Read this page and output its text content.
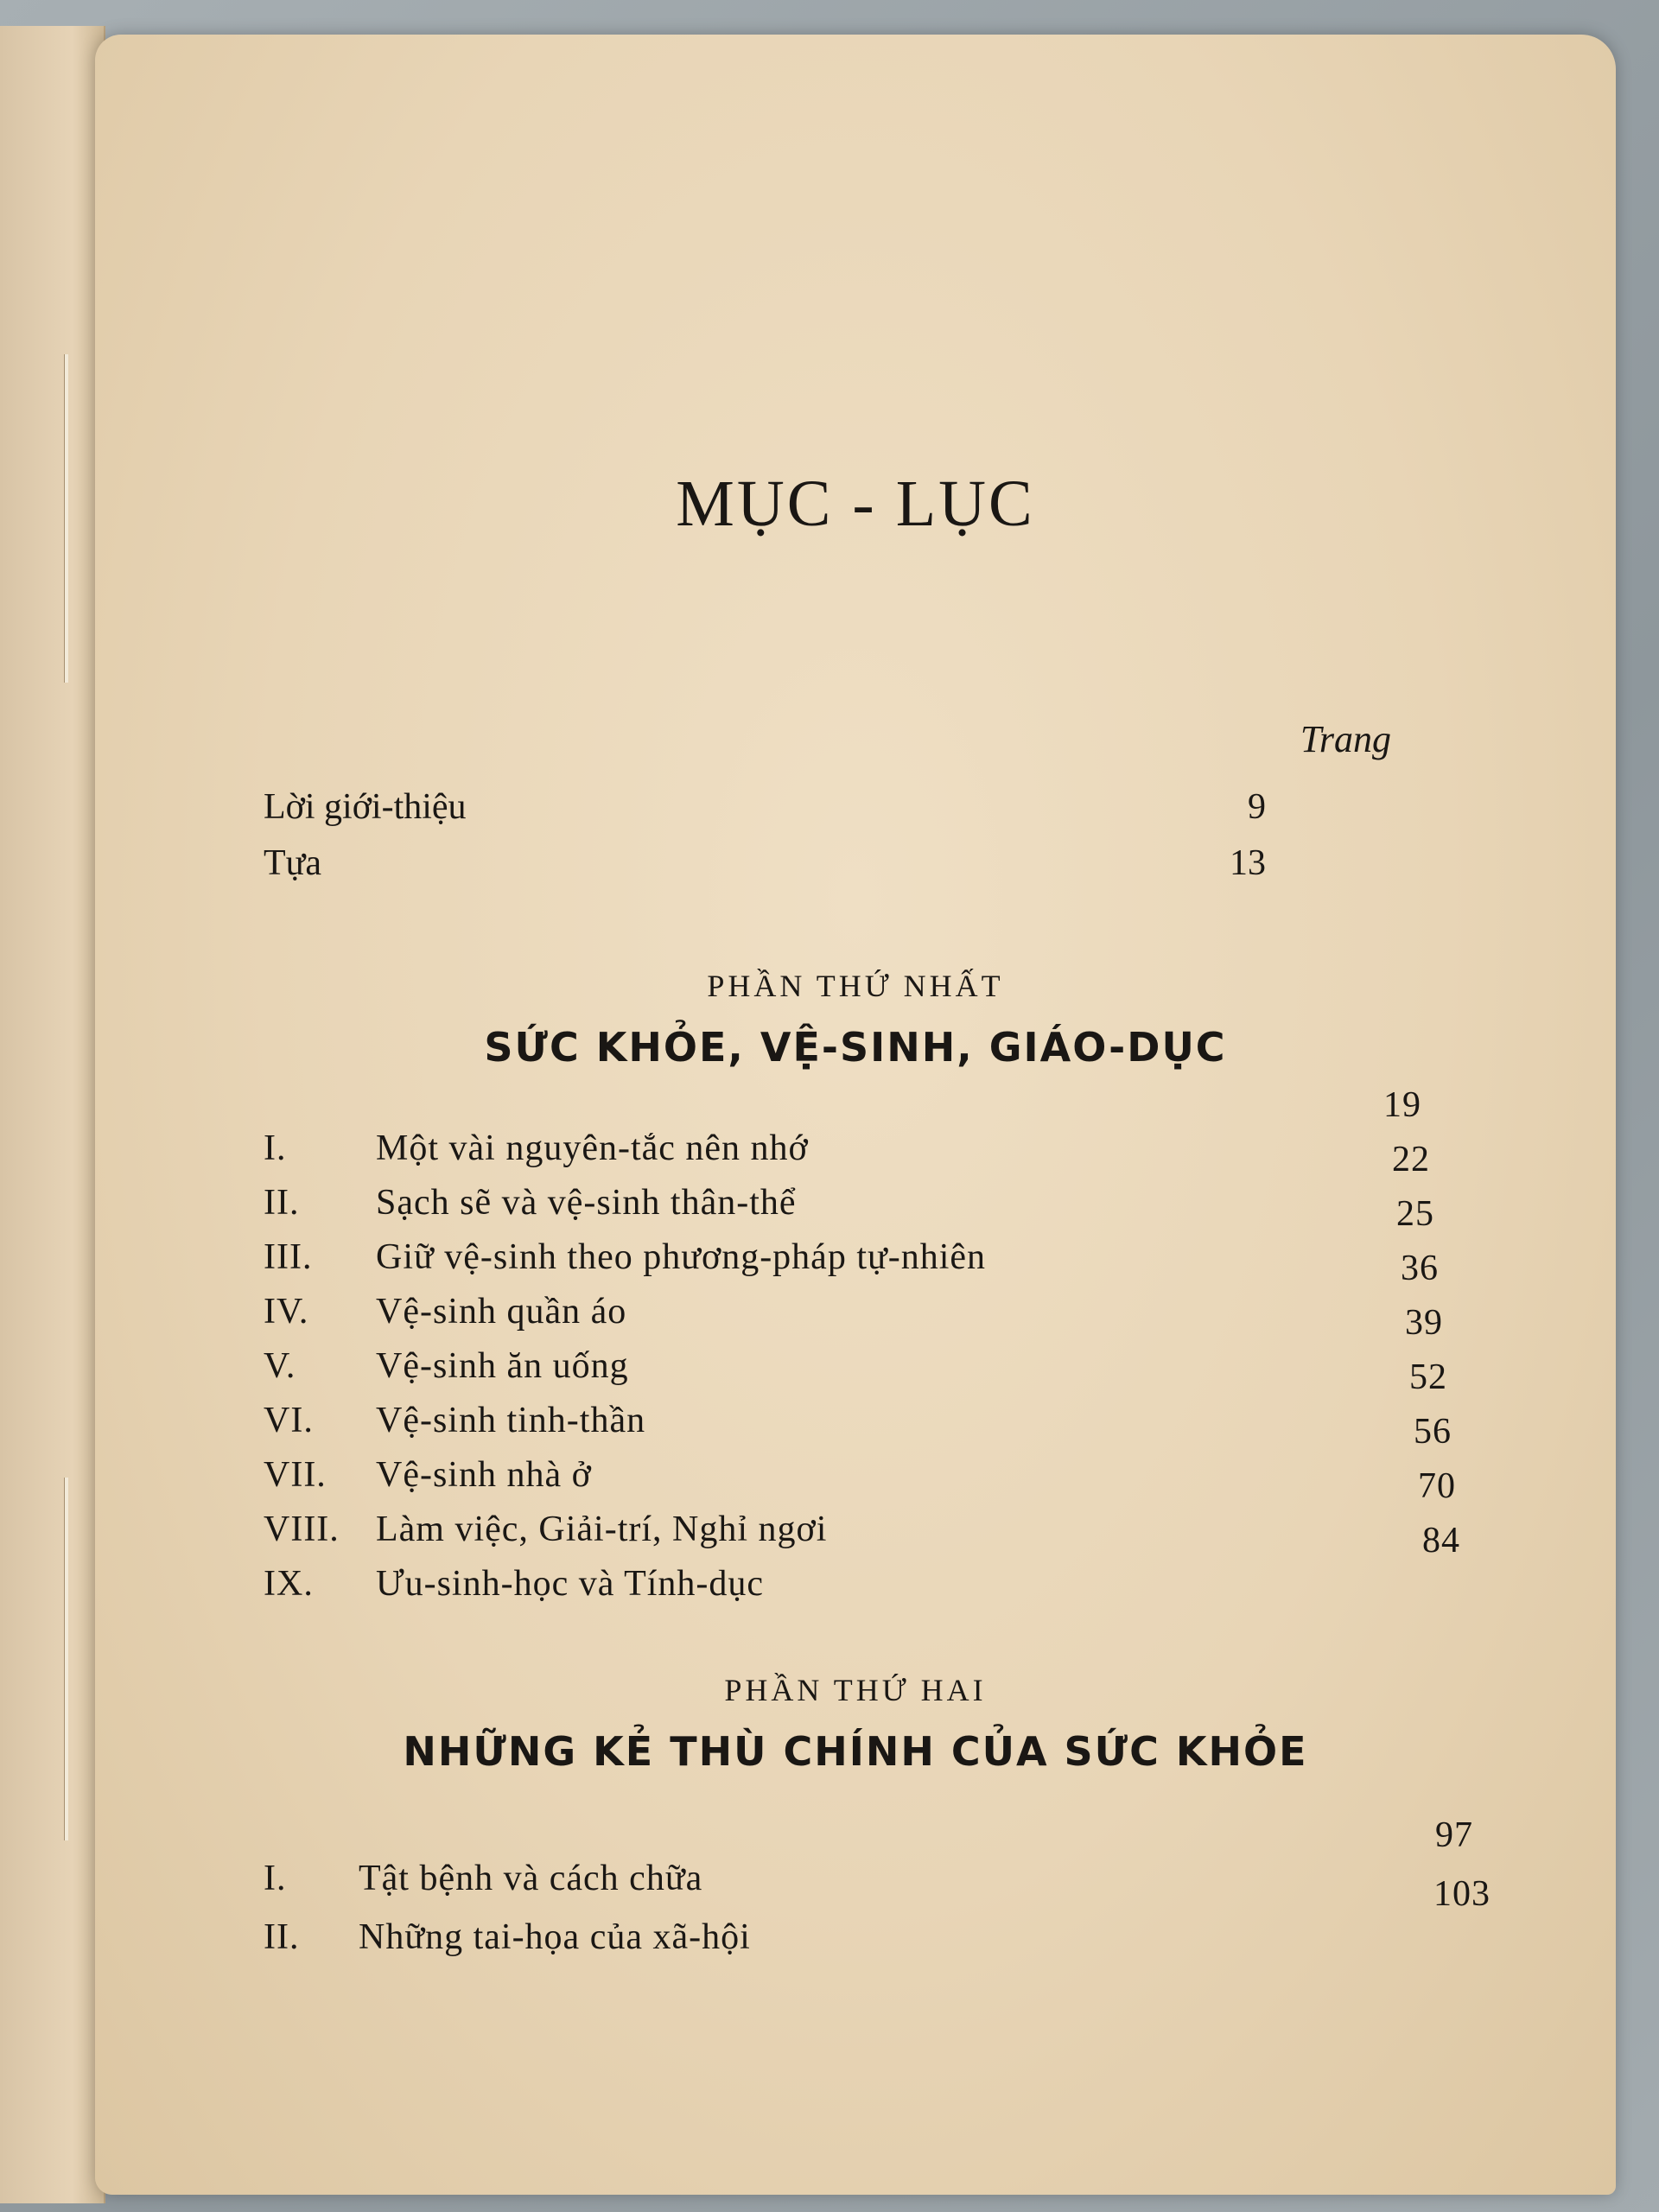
MỤC - LỤC
Trang
Lời giới-thiệu	9
Tựa	13
PHẦN THỨ NHẤT
SỨC KHỎE, VỆ-SINH, GIÁO-DỤC
I. Một vài nguyên-tắc nên nhớ
19
II. Sạch sẽ và vệ-sinh thân-thể
22
III. Giữ vệ-sinh theo phương-pháp tự-nhiên
25
IV. Vệ-sinh quần áo
36
V. Vệ-sinh ăn uống
39
VI. Vệ-sinh tinh-thần
52
VII. Vệ-sinh nhà ở
56
VIII. Làm việc, Giải-trí, Nghỉ ngơi
70
IX. Ưu-sinh-học và Tính-dục
84
PHẦN THỨ HAI
NHỮNG KẺ THÙ CHÍNH CỦA SỨC KHỎE
I. Tật bệnh và cách chữa
97
II. Những tai-họa của xã-hội
103
